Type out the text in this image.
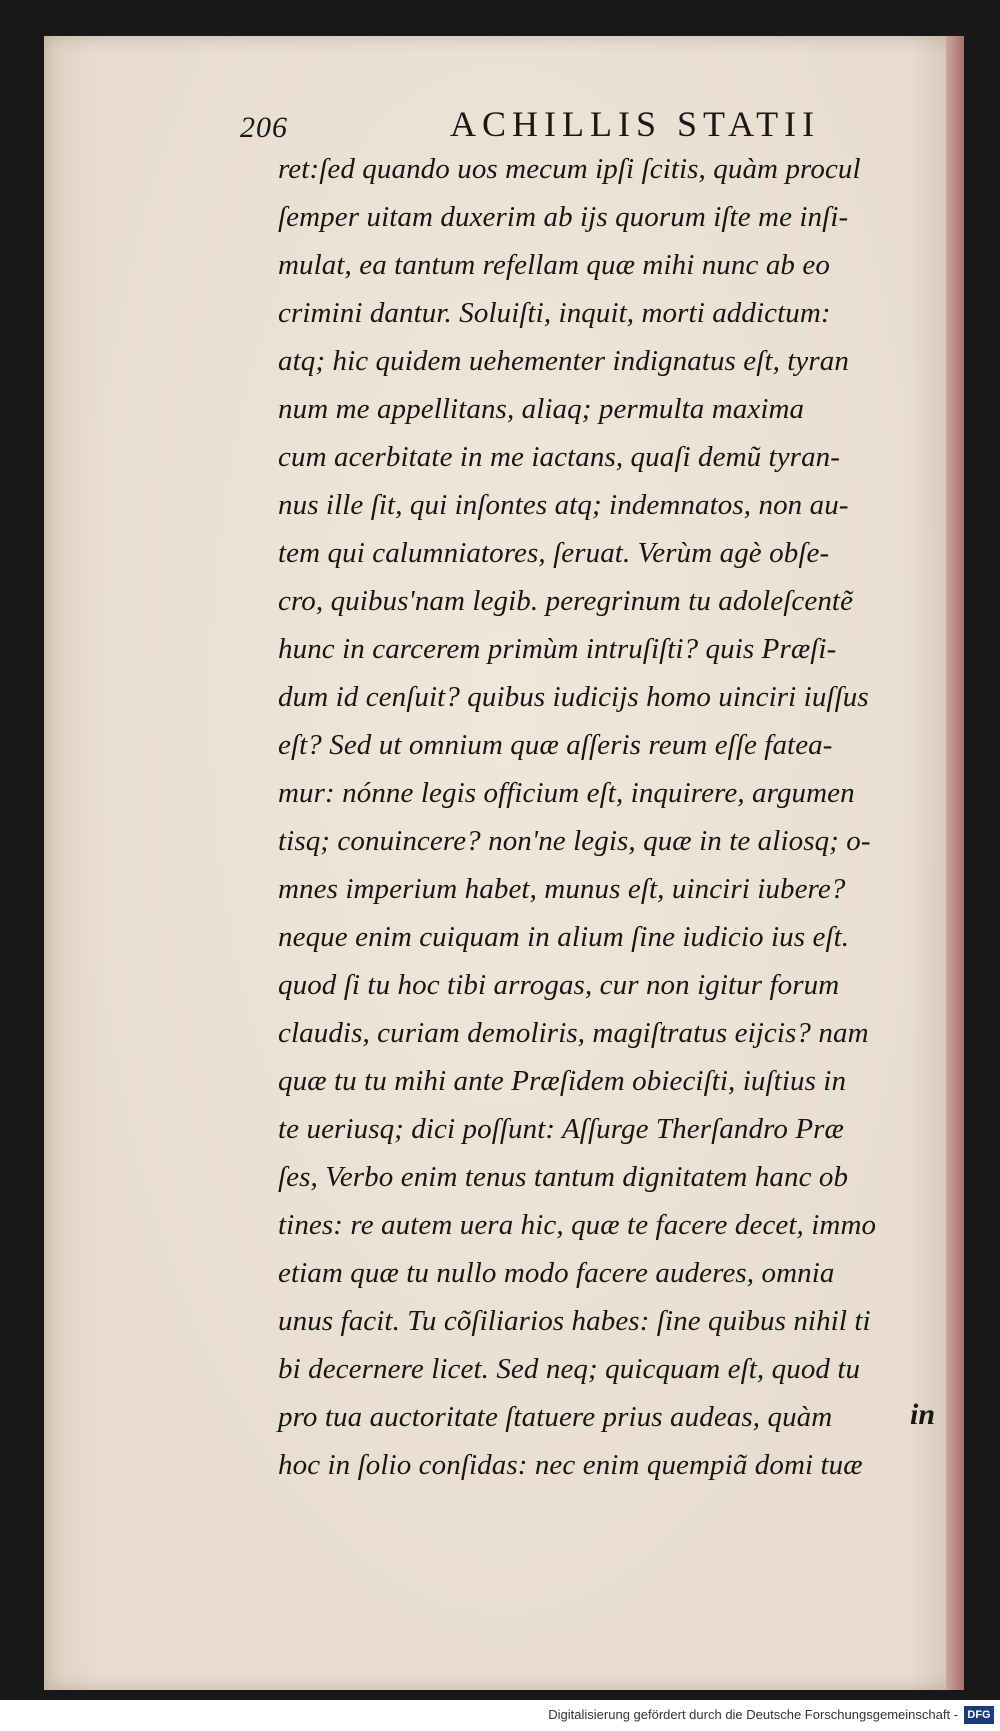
206	ACHILLIS STATII
ret:ſed quando uos mecum ipſi ſcitis, quàm procul
ſemper uitam duxerim ab ijs quorum iſte me inſi-
mulat, ea tantum refellam quæ mihi nunc ab eo
crimini dantur. Soluiſti, inquit, morti addictum:
atq; hic quidem uehementer indignatus eſt, tyran
num me appellitans, aliaq; permulta maxima
cum acerbitate in me iactans, quaſi demũ tyran-
nus ille ſit, qui inſontes atq; indemnatos, non au-
tem qui calumniatores, ſeruat. Verùm agè obſe-
cro, quibus'nam legib. peregrinum tu adoleſcentẽ
hunc in carcerem primùm intruſiſti? quis Præſi-
dum id cenſuit? quibus iudicijs homo uinciri iuſſus
eſt? Sed ut omnium quæ aſſeris reum eſſe fatea-
mur: nónne legis officium eſt, inquirere, argumen
tisq; conuincere? non'ne legis, quæ in te aliosq; o-
mnes imperium habet, munus eſt, uinciri iubere?
neque enim cuiquam in alium ſine iudicio ius eſt.
quod ſi tu hoc tibi arrogas, cur non igitur forum
claudis, curiam demoliris, magiſtratus eijcis? nam
quæ tu tu mihi ante Præſidem obieciſti, iuſtius in
te ueriusq; dici poſſunt: Aſſurge Therſandro Præ
ſes, Verbo enim tenus tantum dignitatem hanc ob
tines: re autem uera hic, quæ te facere decet, immo
etiam quæ tu nullo modo facere auderes, omnia
unus facit. Tu cõſiliarios habes: ſine quibus nihil ti
bi decernere licet. Sed neq; quicquam eſt, quod tu
pro tua auctoritate ſtatuere prius audeas, quàm
hoc in ſolio conſidas: nec enim quempiã domi tuæ
in
Digitalisierung gefördert durch die Deutsche Forschungsgemeinschaft - DFG
